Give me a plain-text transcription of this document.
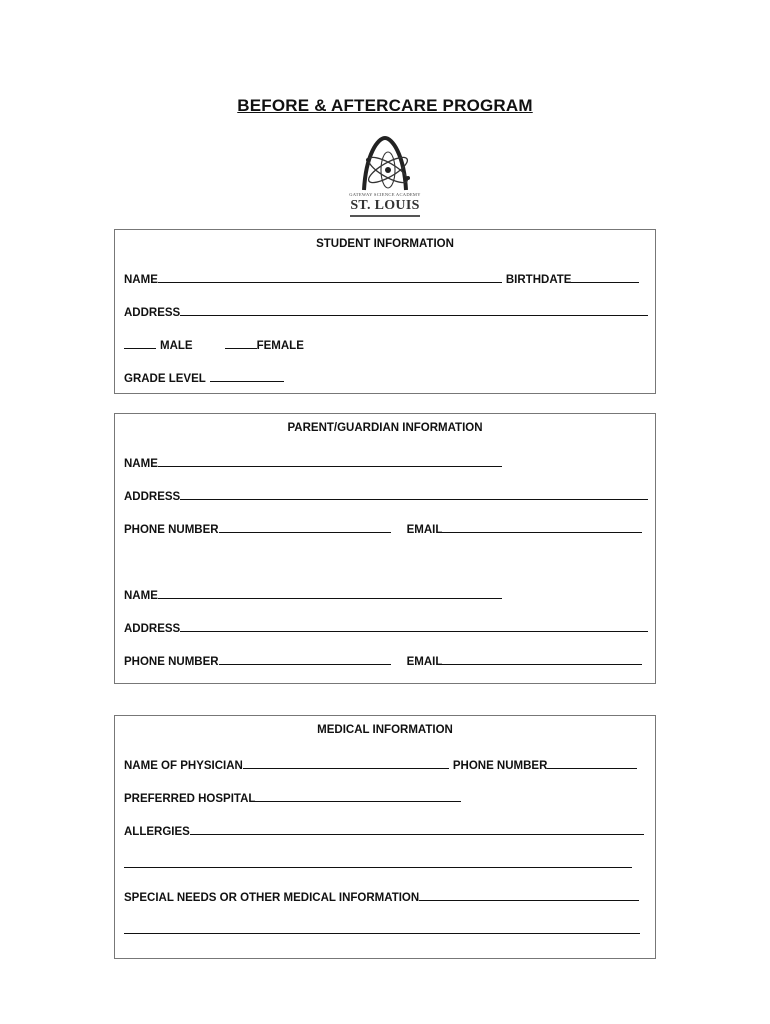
BEFORE & AFTERCARE PROGRAM
GATEWAY SCIENCE ACADEMY
ST. LOUIS
STUDENT INFORMATION
NAME	BIRTHDATE
ADDRESS
MALE	FEMALE
GRADE LEVEL
PARENT/GUARDIAN INFORMATION
NAME
ADDRESS
PHONE NUMBER	EMAIL
NAME
ADDRESS
PHONE NUMBER	EMAIL
MEDICAL INFORMATION
NAME OF PHYSICIAN	PHONE NUMBER
PREFERRED HOSPITAL
ALLERGIES
SPECIAL NEEDS OR OTHER MEDICAL INFORMATION
